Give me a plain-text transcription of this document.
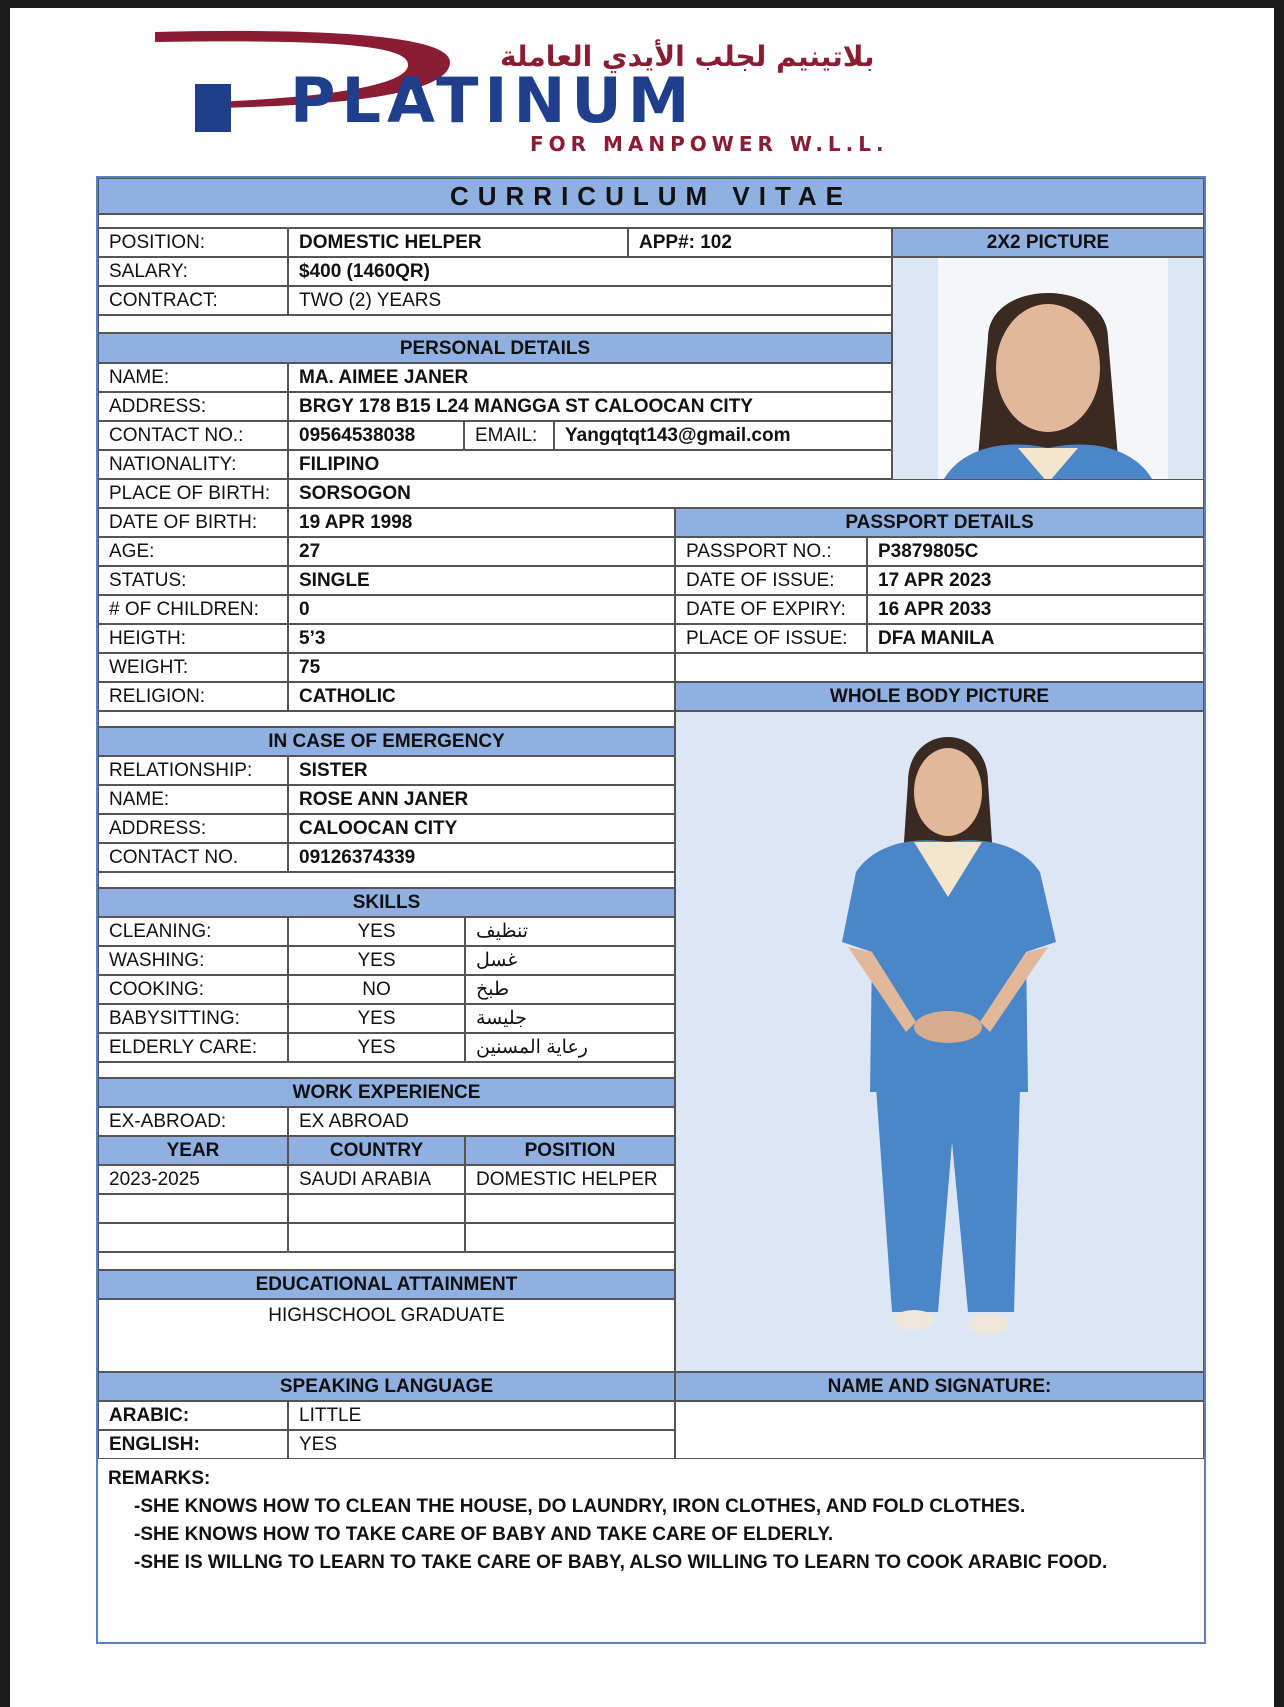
بلاتينيم لجلب الأيدي العاملة
PLATINUM
FOR MANPOWER W.L.L.
CURRICULUM VITAE
POSITION:	DOMESTIC HELPER	APP#: 102	2X2 PICTURE
SALARY:	$400 (1460QR)
CONTRACT:	TWO (2) YEARS
PERSONAL DETAILS
NAME:	MA. AIMEE JANER
ADDRESS:	BRGY 178 B15 L24 MANGGA ST CALOOCAN CITY
CONTACT NO.:	09564538038	EMAIL:	Yangqtqt143@gmail.com
NATIONALITY:	FILIPINO
PLACE OF BIRTH:	SORSOGON
DATE OF BIRTH:	19 APR 1998
AGE:	27
STATUS:	SINGLE
# OF CHILDREN:	0
HEIGTH:	5’3
WEIGHT:	75
RELIGION:	CATHOLIC
PASSPORT DETAILS
PASSPORT NO.:	P3879805C
DATE OF ISSUE:	17 APR 2023
DATE OF EXPIRY:	16 APR 2033
PLACE OF ISSUE:	DFA MANILA
WHOLE BODY PICTURE
IN CASE OF EMERGENCY
RELATIONSHIP:	SISTER
NAME:	ROSE ANN JANER
ADDRESS:	CALOOCAN CITY
CONTACT NO.	09126374339
SKILLS
CLEANING:	YES	تنظيف
WASHING:	YES	غسل
COOKING:	NO	طبخ
BABYSITTING:	YES	جليسة
ELDERLY CARE:	YES	رعاية المسنين
WORK EXPERIENCE
EX-ABROAD:	EX ABROAD
YEAR	COUNTRY	POSITION
2023-2025	SAUDI ARABIA	DOMESTIC HELPER
EDUCATIONAL ATTAINMENT
HIGHSCHOOL GRADUATE
SPEAKING LANGUAGE	NAME AND SIGNATURE:
ARABIC:	LITTLE
ENGLISH:	YES
REMARKS:
-SHE KNOWS HOW TO CLEAN THE HOUSE, DO LAUNDRY, IRON CLOTHES, AND FOLD CLOTHES.
-SHE KNOWS HOW TO TAKE CARE OF BABY AND TAKE CARE OF ELDERLY.
-SHE IS WILLNG TO LEARN TO TAKE CARE OF BABY, ALSO WILLING TO LEARN TO COOK ARABIC FOOD.
